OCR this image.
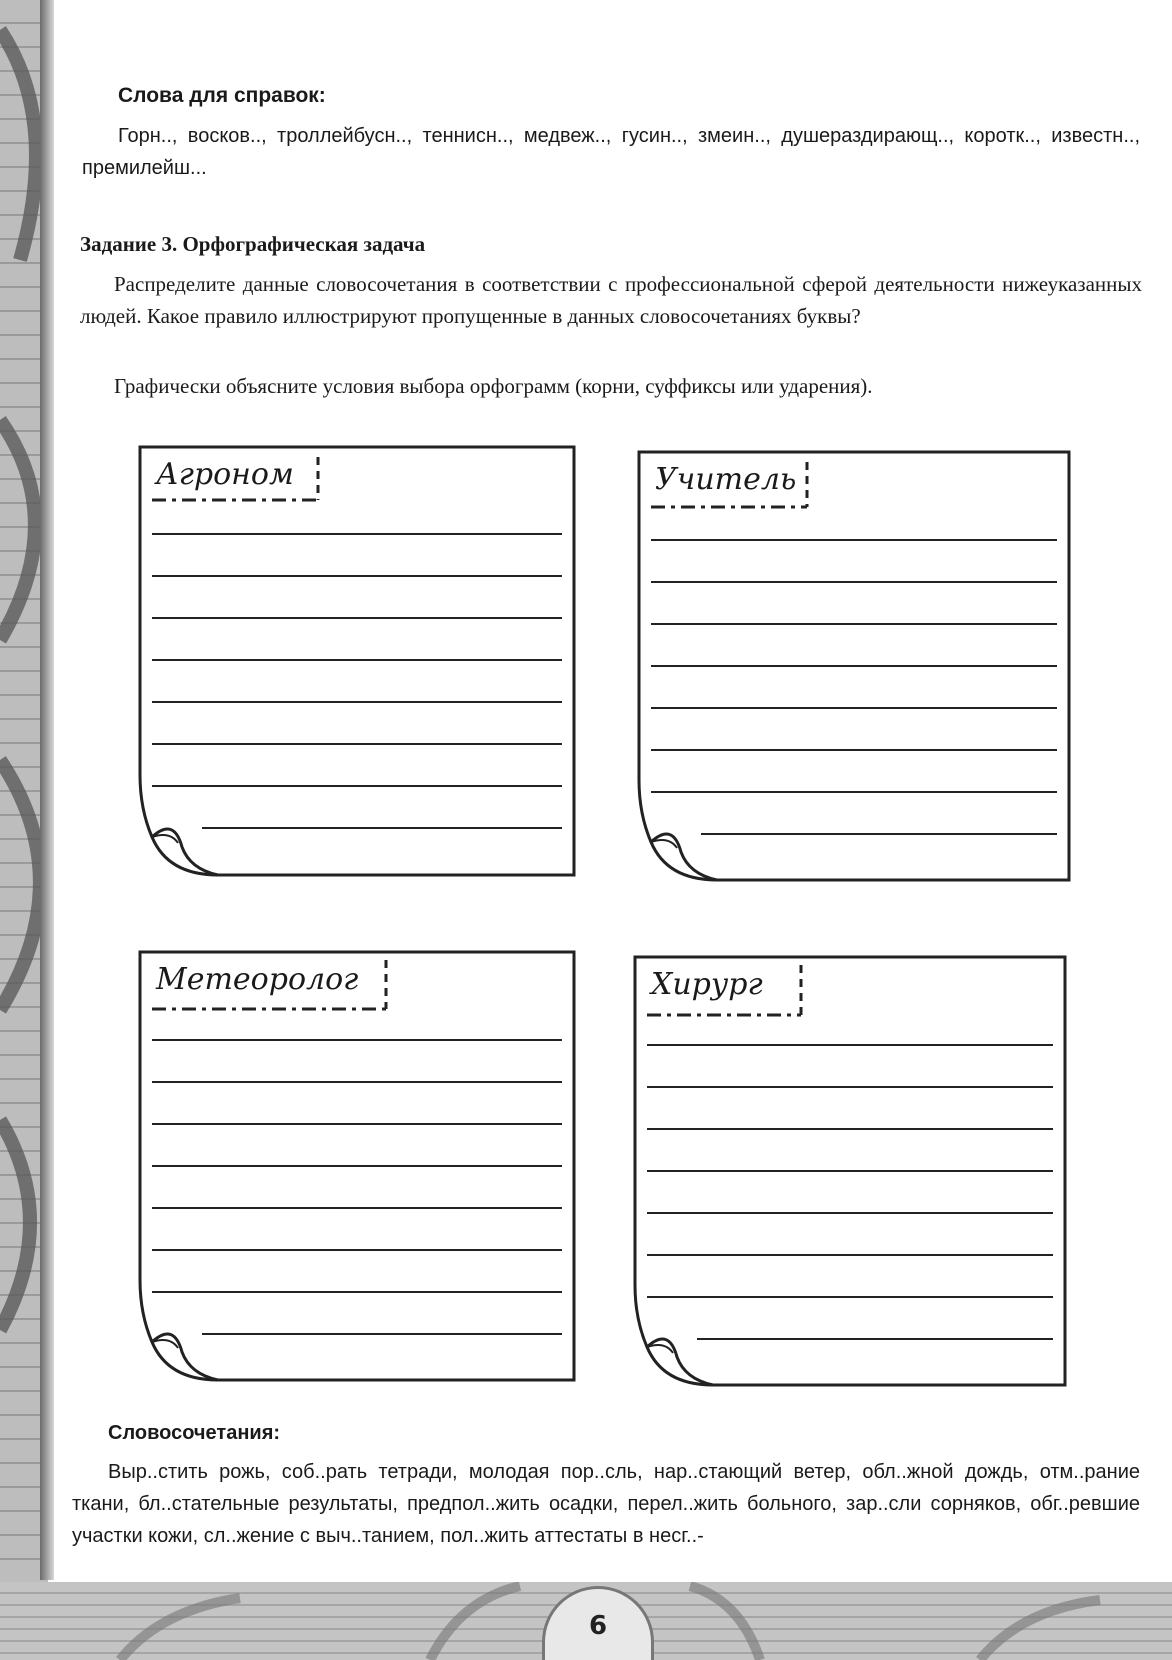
Слова для справок:
Горн.., восков.., троллейбусн.., теннисн.., медвеж.., гусин.., змеин.., душераздирающ.., коротк.., известн.., премилейш...
Задание 3. Орфографическая задача

Распределите данные словосочетания в соответствии с профессиональной сферой деятельности нижеуказанных людей. Какое правило иллюстрируют пропущенные в данных словосочетаниях буквы?

Графически объясните условия выбора орфограмм (корни, суффиксы или ударения).

Агроном	Учитель
Метеоролог	Хирург
Словосочетания:
Выр..стить рожь, соб..рать тетради, молодая пор..сль, нар..стающий ветер, обл..жной дождь, отм..рание ткани, бл..стательные результаты, предпол..жить осадки, перел..жить больного, зар..сли сорняков, обг..ревшие участки кожи, сл..жение с выч..танием, пол..жить аттестаты в несг..-
6
